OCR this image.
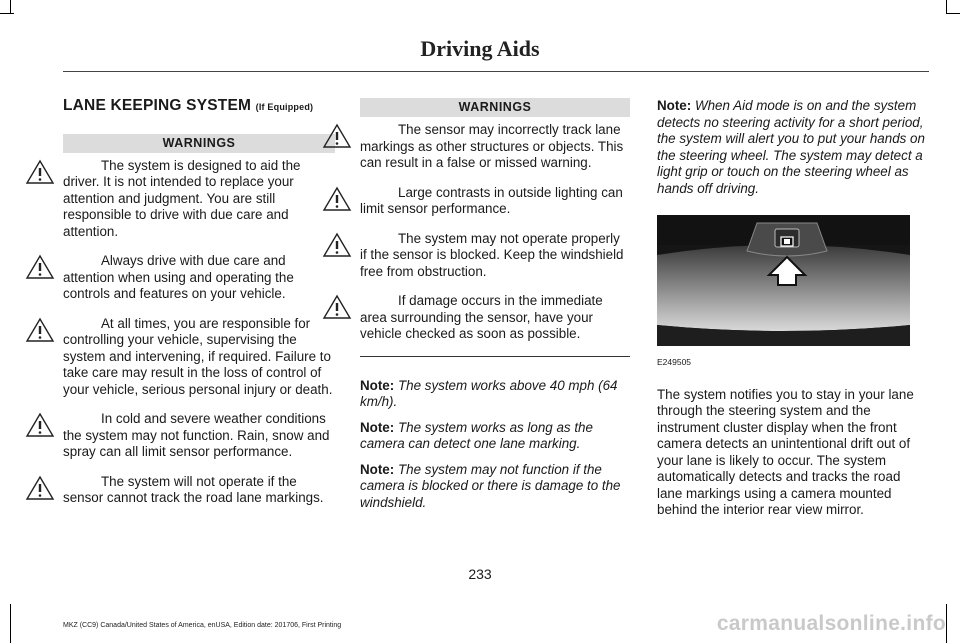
Driving Aids
LANE KEEPING SYSTEM (If Equipped)
WARNINGS

The system is designed to aid the driver. It is not intended to replace your attention and judgment. You are still responsible to drive with due care and attention.

Always drive with due care and attention when using and operating the controls and features on your vehicle.

At all times, you are responsible for controlling your vehicle, supervising the system and intervening, if required. Failure to take care may result in the loss of control of your vehicle, serious personal injury or death.

In cold and severe weather conditions the system may not function. Rain, snow and spray can all limit sensor performance.

The system will not operate if the sensor cannot track the road lane markings.

WARNINGS

The sensor may incorrectly track lane markings as other structures or objects. This can result in a false or missed warning.

Large contrasts in outside lighting can limit sensor performance.

The system may not operate properly if the sensor is blocked. Keep the windshield free from obstruction.

If damage occurs in the immediate area surrounding the sensor, have your vehicle checked as soon as possible.

Note: The system works above 40 mph (64 km/h).

Note: The system works as long as the camera can detect one lane marking.

Note: The system may not function if the camera is blocked or there is damage to the windshield.

Note: When Aid mode is on and the system detects no steering activity for a short period, the system will alert you to put your hands on the steering wheel. The system may detect a light grip or touch on the steering wheel as hands off driving.

E249505

The system notifies you to stay in your lane through the steering system and the instrument cluster display when the front camera detects an unintentional drift out of your lane is likely to occur. The system automatically detects and tracks the road lane markings using a camera mounted behind the interior rear view mirror.

233
MKZ (CC9) Canada/United States of America, enUSA, Edition date: 201706, First Printing	carmanualsonline.info
